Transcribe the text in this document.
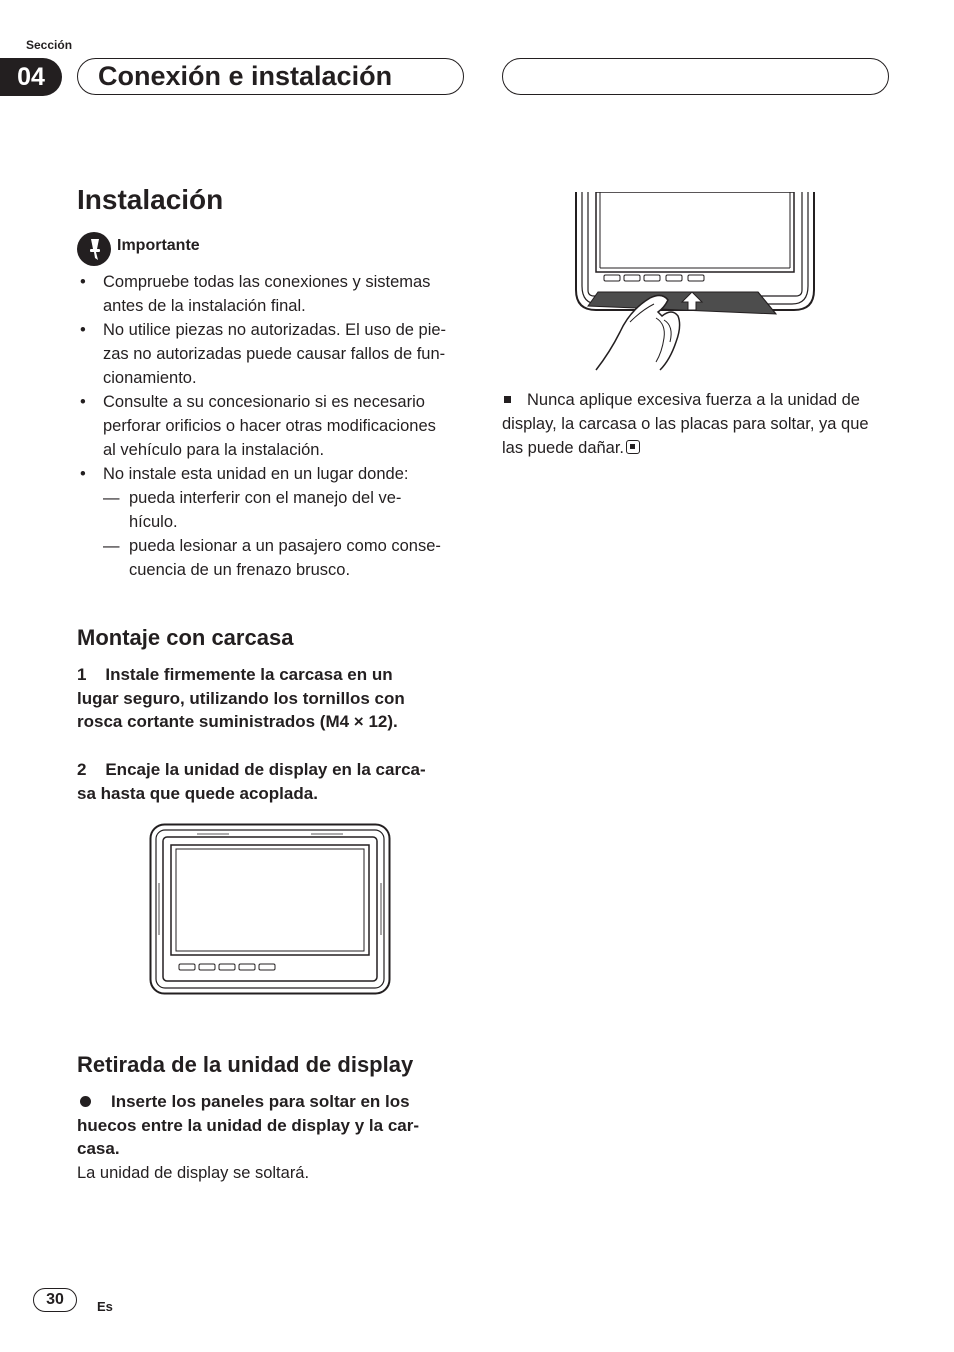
Sección
04	Conexión e instalación
Instalación
Importante
• Compruebe todas las conexiones y sistemas
antes de la instalación final.
• No utilice piezas no autorizadas. El uso de pie-
zas no autorizadas puede causar fallos de fun-
cionamiento.
• Consulte a su concesionario si es necesario
perforar orificios o hacer otras modificaciones
al vehículo para la instalación.
• No instale esta unidad en un lugar donde:
— pueda interferir con el manejo del ve-
hículo.
— pueda lesionar a un pasajero como conse-
cuencia de un frenazo brusco.
Montaje con carcasa
1    Instale firmemente la carcasa en un
lugar seguro, utilizando los tornillos con
rosca cortante suministrados (M4 × 12).
2    Encaje la unidad de display en la carca-
sa hasta que quede acoplada.
Retirada de la unidad de display
Inserte los paneles para soltar en los
huecos entre la unidad de display y la car-
casa.
La unidad de display se soltará.
Nunca aplique excesiva fuerza a la unidad de
display, la carcasa o las placas para soltar, ya que
las puede dañar.
30	Es
